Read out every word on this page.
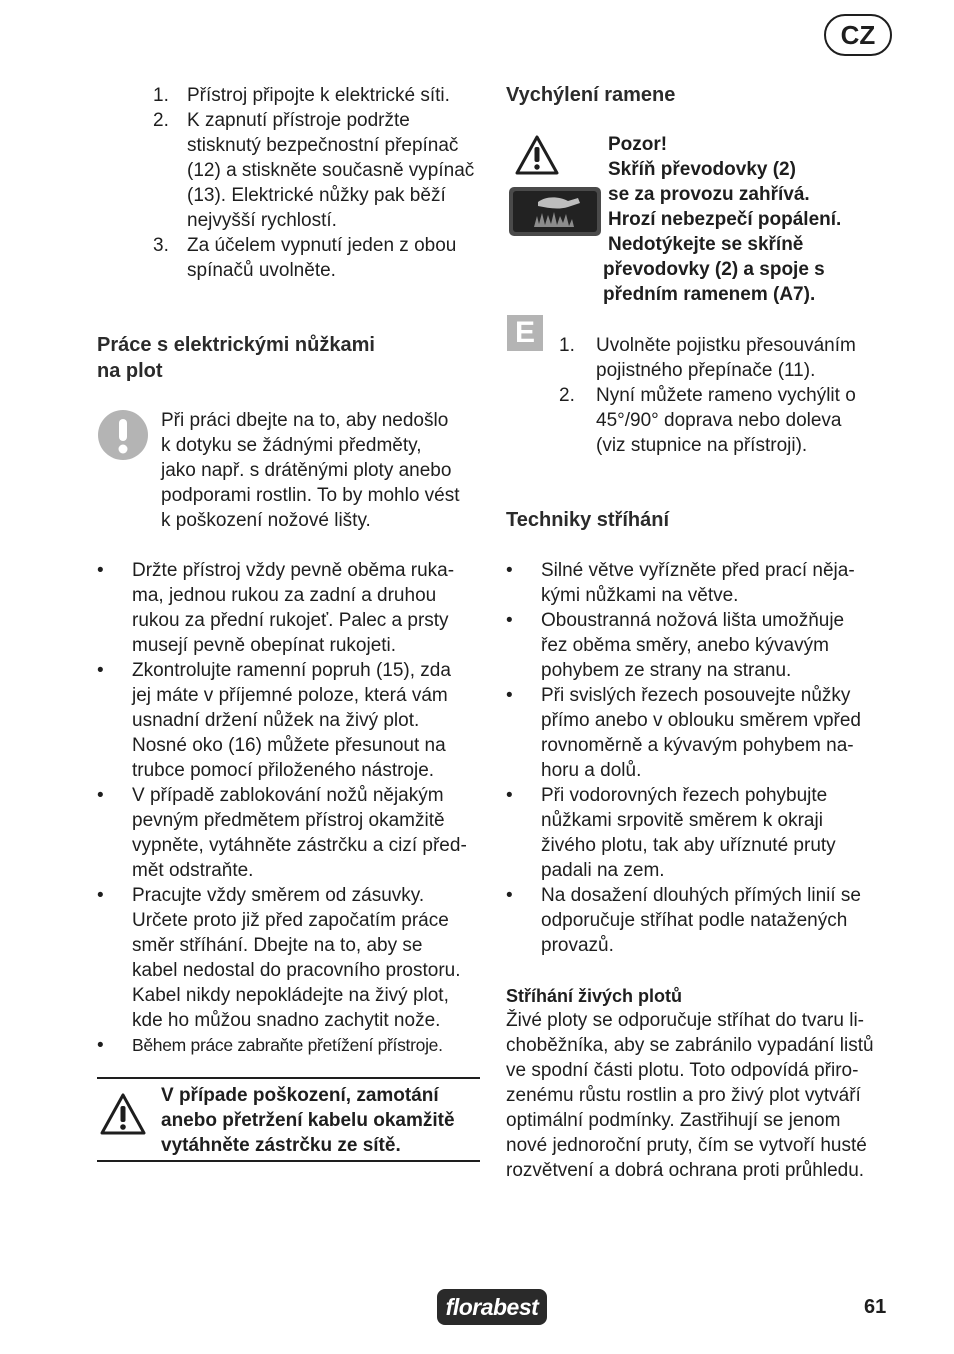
CZ
1. Přístroj připojte k elektrické síti.
2. K zapnutí přístroje podržte
stisknutý bezpečnostní přepínač
(12) a stiskněte současně vypínač
(13). Elektrické nůžky pak běží
nejvyšší rychlostí.
3. Za účelem vypnutí jeden z obou
spínačů uvolněte.
Práce s elektrickými nůžkami
na plot
Při práci dbejte na to, aby nedošlo
k dotyku se žádnými předměty,
jako např. s drátěnými ploty anebo
podporami rostlin. To by mohlo vést
k poškození nožové lišty.
• Držte přístroj vždy pevně oběma ruka-
ma, jednou rukou za zadní a druhou
rukou za přední rukojeť. Palec a prsty
musejí pevně obepínat rukojeti.
• Zkontrolujte ramenní popruh (15), zda
jej máte v příjemné poloze, která vám
usnadní držení nůžek na živý plot.
Nosné oko (16) můžete přesunout na
trubce pomocí přiloženého nástroje.
• V případě zablokování nožů nějakým
pevným předmětem přístroj okamžitě
vypněte, vytáhněte zástrčku a cizí před-
mět odstraňte.
• Pracujte vždy směrem od zásuvky.
Určete proto již před započatím práce
směr stříhání. Dbejte na to, aby se
kabel nedostal do pracovního prostoru.
Kabel nikdy nepokládejte na živý plot,
kde ho můžou snadno zachytit nože.
• Během práce zabraňte přetížení přístroje.
V případe poškození, zamotání
anebo přetržení kabelu okamžitě
vytáhněte zástrčku ze sítě.
Vychýlení ramene
Pozor!
Skříň převodovky (2)
se za provozu zahřívá.
Hrozí nebezpečí popálení.
Nedotýkejte se skříně
převodovky (2) a spoje s
předním ramenem (A7).
E	1. Uvolněte pojistku přesouváním
pojistného přepínače (11).
2. Nyní můžete rameno vychýlit o
45°/90° doprava nebo doleva
(viz stupnice na přístroji).
Techniky stříhání
• Silné větve vyřízněte před prací něja-
kými nůžkami na větve.
• Oboustranná nožová lišta umožňuje
řez oběma směry, anebo kývavým
pohybem ze strany na stranu.
• Při svislých řezech posouvejte nůžky
přímo anebo v oblouku směrem vpřed
rovnoměrně a kývavým pohybem na-
horu a dolů.
• Při vodorovných řezech pohybujte
nůžkami srpovitě směrem k okraji
živého plotu, tak aby uříznuté pruty
padali na zem.
• Na dosažení dlouhých přímých linií se
odporučuje stříhat podle natažených
provazů.
Stříhání živých plotů
Živé ploty se odporučuje stříhat do tvaru li-
choběžníka, aby se zabránilo vypadání listů
ve spodní části plotu. Toto odpovídá přiro-
zenému růstu rostlin a pro živý plot vytváří
optimální podmínky. Zastřihují se jenom
nové jednoroční pruty, čím se vytvoří husté
rozvětvení a dobrá ochrana proti průhledu.
florabest	61
